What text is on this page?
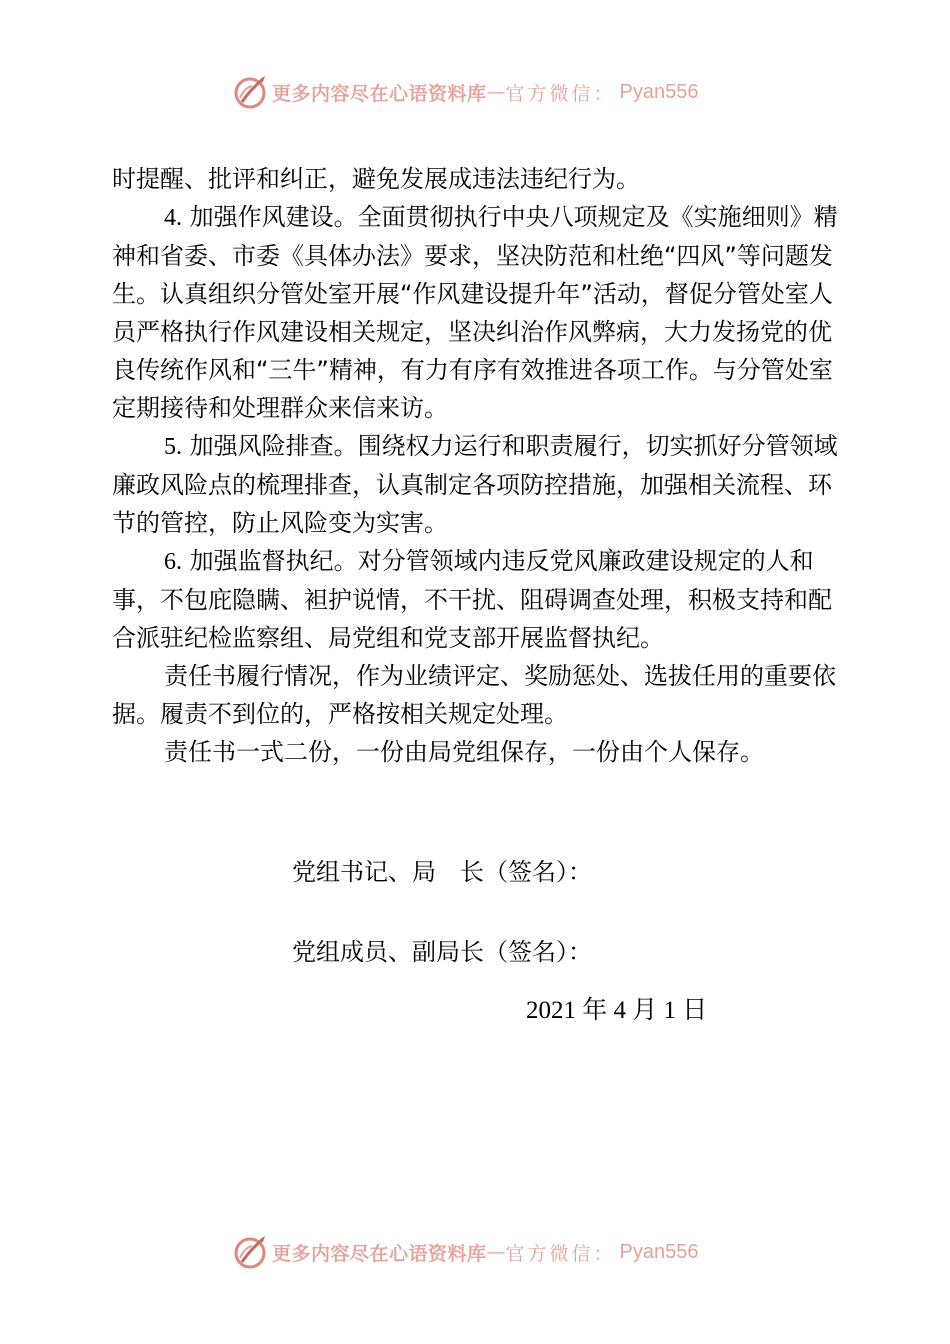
更多内容尽在心语资料库 — 官方微信： Pyan556

时提醒、批评和纠正，避免发展成违法违纪行为。

4. 加强作风建设。全面贯彻执行中央八项规定及《实施细则》精神和省委、市委《具体办法》要求，坚决防范和杜绝“四风”等问题发生。认真组织分管处室开展“作风建设提升年”活动，督促分管处室人员严格执行作风建设相关规定，坚决纠治作风弊病，大力发扬党的优良传统作风和“三牛”精神，有力有序有效推进各项工作。与分管处室定期接待和处理群众来信来访。

5. 加强风险排查。围绕权力运行和职责履行，切实抓好分管领域廉政风险点的梳理排查，认真制定各项防控措施，加强相关流程、环节的管控，防止风险变为实害。

6. 加强监督执纪。对分管领域内违反党风廉政建设规定的人和事，不包庇隐瞒、袒护说情，不干扰、阻碍调查处理，积极支持和配合派驻纪检监察组、局党组和党支部开展监督执纪。

责任书履行情况，作为业绩评定、奖励惩处、选拔任用的重要依据。履责不到位的，严格按相关规定处理。

责任书一式二份，一份由局党组保存，一份由个人保存。

党组书记、局　长（签名）：
党组成员、副局长（签名）：
2021 年 4 月 1 日
更多内容尽在心语资料库 — 官方微信： Pyan556
